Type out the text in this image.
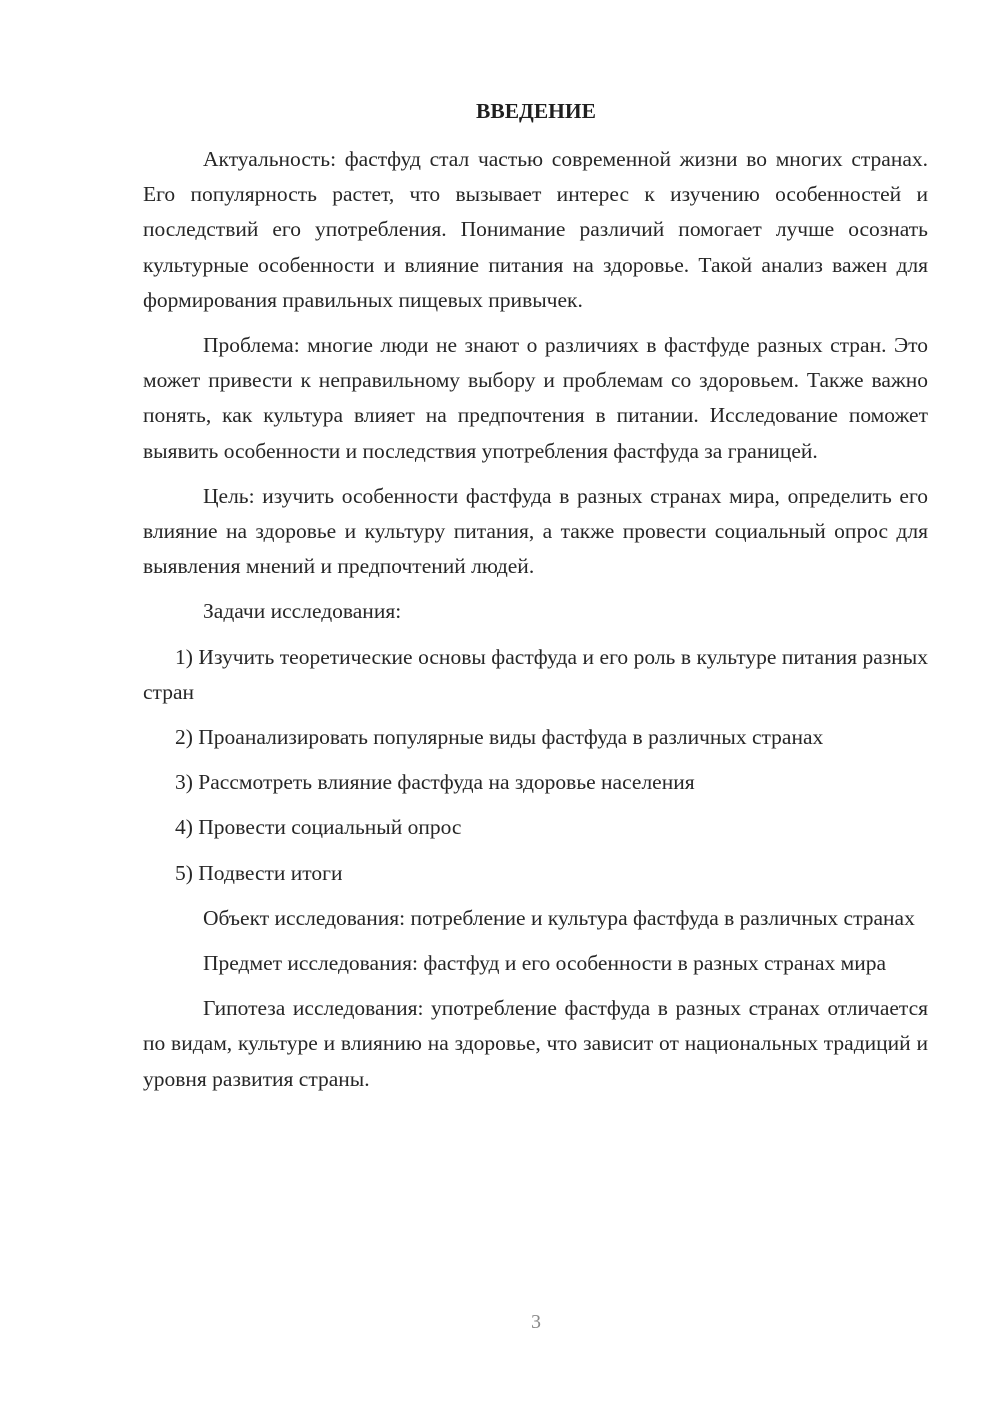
ВВЕДЕНИЕ

Актуальность: фастфуд стал частью современной жизни во многих странах. Его популярность растет, что вызывает интерес к изучению особенностей и последствий его употребления. Понимание различий помогает лучше осознать культурные особенности и влияние питания на здоровье. Такой анализ важен для формирования правильных пищевых привычек.

Проблема: многие люди не знают о различиях в фастфуде разных стран. Это может привести к неправильному выбору и проблемам со здоровьем. Также важно понять, как культура влияет на предпочтения в питании. Исследование поможет выявить особенности и последствия употребления фастфуда за границей.

Цель: изучить особенности фастфуда в разных странах мира, определить его влияние на здоровье и культуру питания, а также провести социальный опрос для выявления мнений и предпочтений людей.

Задачи исследования:

1) Изучить теоретические основы фастфуда и его роль в культуре питания разных стран

2) Проанализировать популярные виды фастфуда в различных странах

3) Рассмотреть влияние фастфуда на здоровье населения

4) Провести социальный опрос

5) Подвести итоги

Объект исследования: потребление и культура фастфуда в различных странах

Предмет исследования: фастфуд и его особенности в разных странах мира

Гипотеза исследования: употребление фастфуда в разных странах отличается по видам, культуре и влиянию на здоровье, что зависит от национальных традиций и уровня развития страны.

3
